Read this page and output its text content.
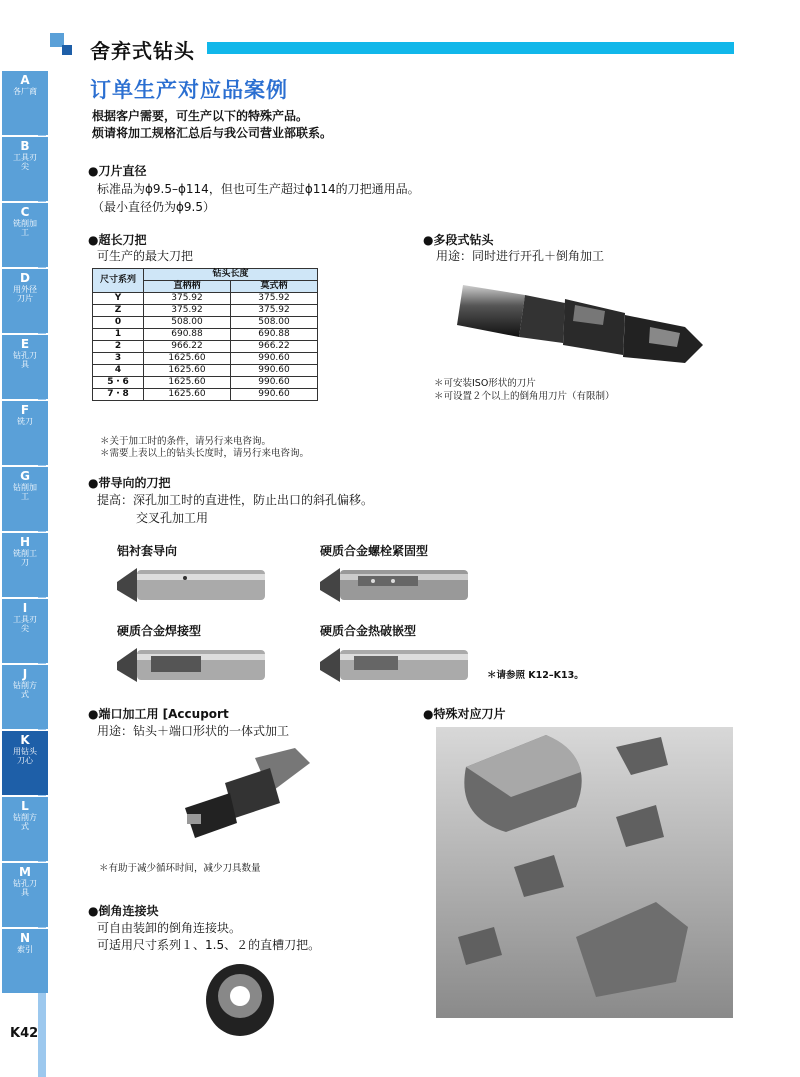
A
各厂商
B
工具刃尖
C
铣削加工
D
用外径刀片
E
钻孔刀具
F
铣刀
G
钻削加工
H
铣削工刀
I
工具刃尖
J
钻削方式
K
用钻头刀心
L
钻削方式
M
钻孔刀具
N
索引
舍弃式钻头
订单生产对应品案例
根据客户需要，可生产以下的特殊产品。
烦请将加工规格汇总后与我公司营业部联系。
●刀片直径
标准品为ϕ9.5–ϕ114，但也可生产超过ϕ114的刀把通用品。
（最小直径仍为ϕ9.5）
●超长刀把
可生产的最大刀把
尺寸系列	钻头长度	
	直柄柄	莫式柄
Y	375.92	375.92
Z	375.92	375.92
0	508.00	508.00
1	690.88	690.88
2	966.22	966.22
3	1625.60	990.60
4	1625.60	990.60
5・6	1625.60	990.60
7・8	1625.60	990.60
＊关于加工时的条件，请另行来电咨询。
＊需要上表以上的钻头长度时，请另行来电咨询。
●多段式钻头
用途：同时进行开孔＋倒角加工
＊可安装ISO形状的刀片
＊可设置２个以上的倒角用刀片（有限制）
●带导向的刀把
提高：深孔加工时的直进性，防止出口的斜孔偏移。
交叉孔加工用
铝衬套导向	硬质合金螺栓紧固型
硬质合金焊接型	硬质合金热破嵌型
＊请参照 K12–K13。
●端口加工用 [Accuport
用途：钻头＋端口形状的一体式加工
＊有助于减少循环时间，减少刀具数量
●倒角连接块
可自由装卸的倒角连接块。
可适用尺寸系列１、1.5、２的直槽刀把。
●特殊对应刀片
K42
